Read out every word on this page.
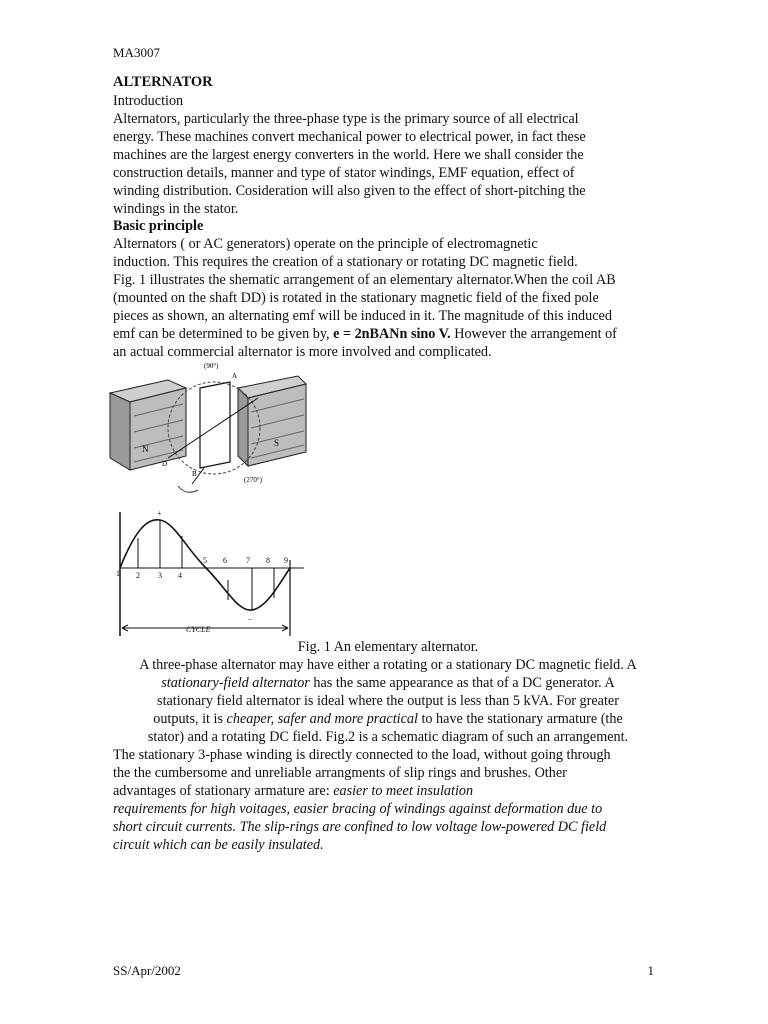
MA3007
ALTERNATOR
Introduction
Alternators, particularly the three-phase type is the primary source of all electrical
energy. These machines convert mechanical power to electrical power, in fact these
machines are the largest energy converters in the world. Here we shall consider the
construction details, manner and type of stator windings, EMF equation, effect of
winding distribution. Cosideration will also given to the effect of short-pitching the
windings in the stator.
Basic principle
Alternators ( or AC generators) operate on the principle of electromagnetic
induction. This requires the creation of a stationary or rotating DC magnetic field.
Fig. 1 illustrates the shematic arrangement of an elementary alternator.When the coil AB
(mounted on the shaft DD) is rotated in the stationary magnetic field of the fixed pole
pieces as shown, an alternating emf will be induced in it. The magnitude of this induced
emf can be determined to be given by, e = 2nBANn sino V. However the arrangement of
an actual commercial alternator is more involved and complicated.
(90°)
(270°)
N
S
A
B
D
1 2 3 4
5 6 7 8 9
+
−
CYCLE
Fig. 1 An elementary alternator.
A three-phase alternator may have either a rotating or a stationary DC magnetic field. A
stationary-field alternator has the same appearance as that of a DC generator. A
stationary field alternator is ideal where the output is less than 5 kVA. For greater
outputs, it is cheaper, safer and more practical to have the stationary armature (the
stator) and a rotating DC field. Fig.2 is a schematic diagram of such an arrangement.
The stationary 3-phase winding is directly connected to the load, without going through
the the cumbersome and unreliable arrangments of slip rings and brushes. Other
advantages of stationary armature are: easier to meet insulation
requirements for high voitages, easier bracing of windings against deformation due to
short circuit currents. The slip-rings are confined to low voltage low-powered DC field
circuit which can be easily insulated.
SS/Apr/2002	1
